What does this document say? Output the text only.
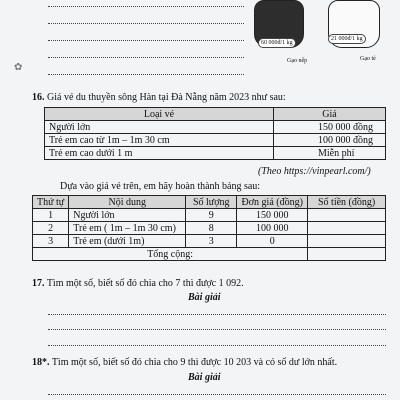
✿
60 000đ/1 kg
21 000đ/1 kg
Gạo nếp	Gạo tẻ
16. Giá vé du thuyền sông Hàn tại Đà Nẵng năm 2023 như sau:
Loại vé	Giá
Người lớn	150 000 đồng
Trẻ em cao từ 1m – 1m 30 cm	100 000 đồng
Trẻ em cao dưới 1 m	Miễn phí
(Theo https://vinpearl.com/)
Dựa vào giá vé trên, em hãy hoàn thành bảng sau:
Thứ tự	Nội dung	Số lượng	Đơn giá (đồng)	Số tiền (đồng)
1	Người lớn	9	150 000	
2	Trẻ em ( 1m – 1m 30 cm)	8	100 000	
3	Trẻ em (dưới 1m)	3	0	
Tổng cộng:				
17. Tìm một số, biết số đó chia cho 7 thì được 1 092.
Bài giải
18*. Tìm một số, biết số đó chia cho 9 thì được 10 203 và có số dư lớn nhất.
Bài giải
